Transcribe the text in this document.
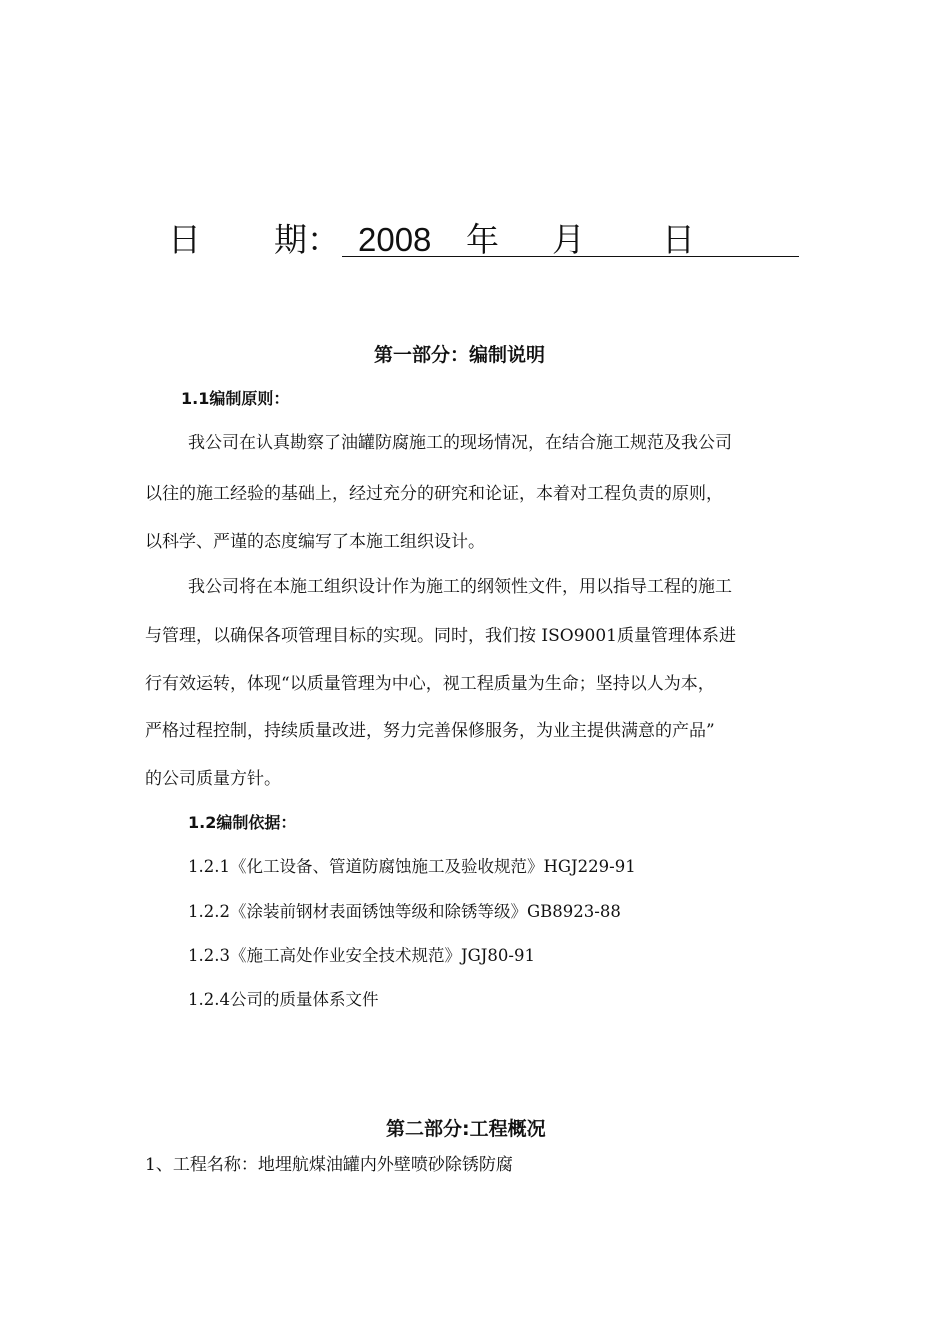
日 期： 2008 年 月 日
第一部分：编制说明
1.1编制原则：
我公司在认真勘察了油罐防腐施工的现场情况，在结合施工规范及我公司
以往的施工经验的基础上，经过充分的研究和论证，本着对工程负责的原则，
以科学、严谨的态度编写了本施工组织设计。
我公司将在本施工组织设计作为施工的纲领性文件，用以指导工程的施工
与管理，以确保各项管理目标的实现。同时，我们按 ISO9001质量管理体系进
行有效运转，体现“以质量管理为中心，视工程质量为生命；坚持以人为本，
严格过程控制，持续质量改进，努力完善保修服务，为业主提供满意的产品”
的公司质量方针。
1.2编制依据：
1.2.1《化工设备、管道防腐蚀施工及验收规范》HGJ229-91
1.2.2《涂装前钢材表面锈蚀等级和除锈等级》GB8923-88
1.2.3《施工高处作业安全技术规范》JGJ80-91
1.2.4公司的质量体系文件
第二部分:工程概况
1、工程名称：地埋航煤油罐内外壁喷砂除锈防腐
